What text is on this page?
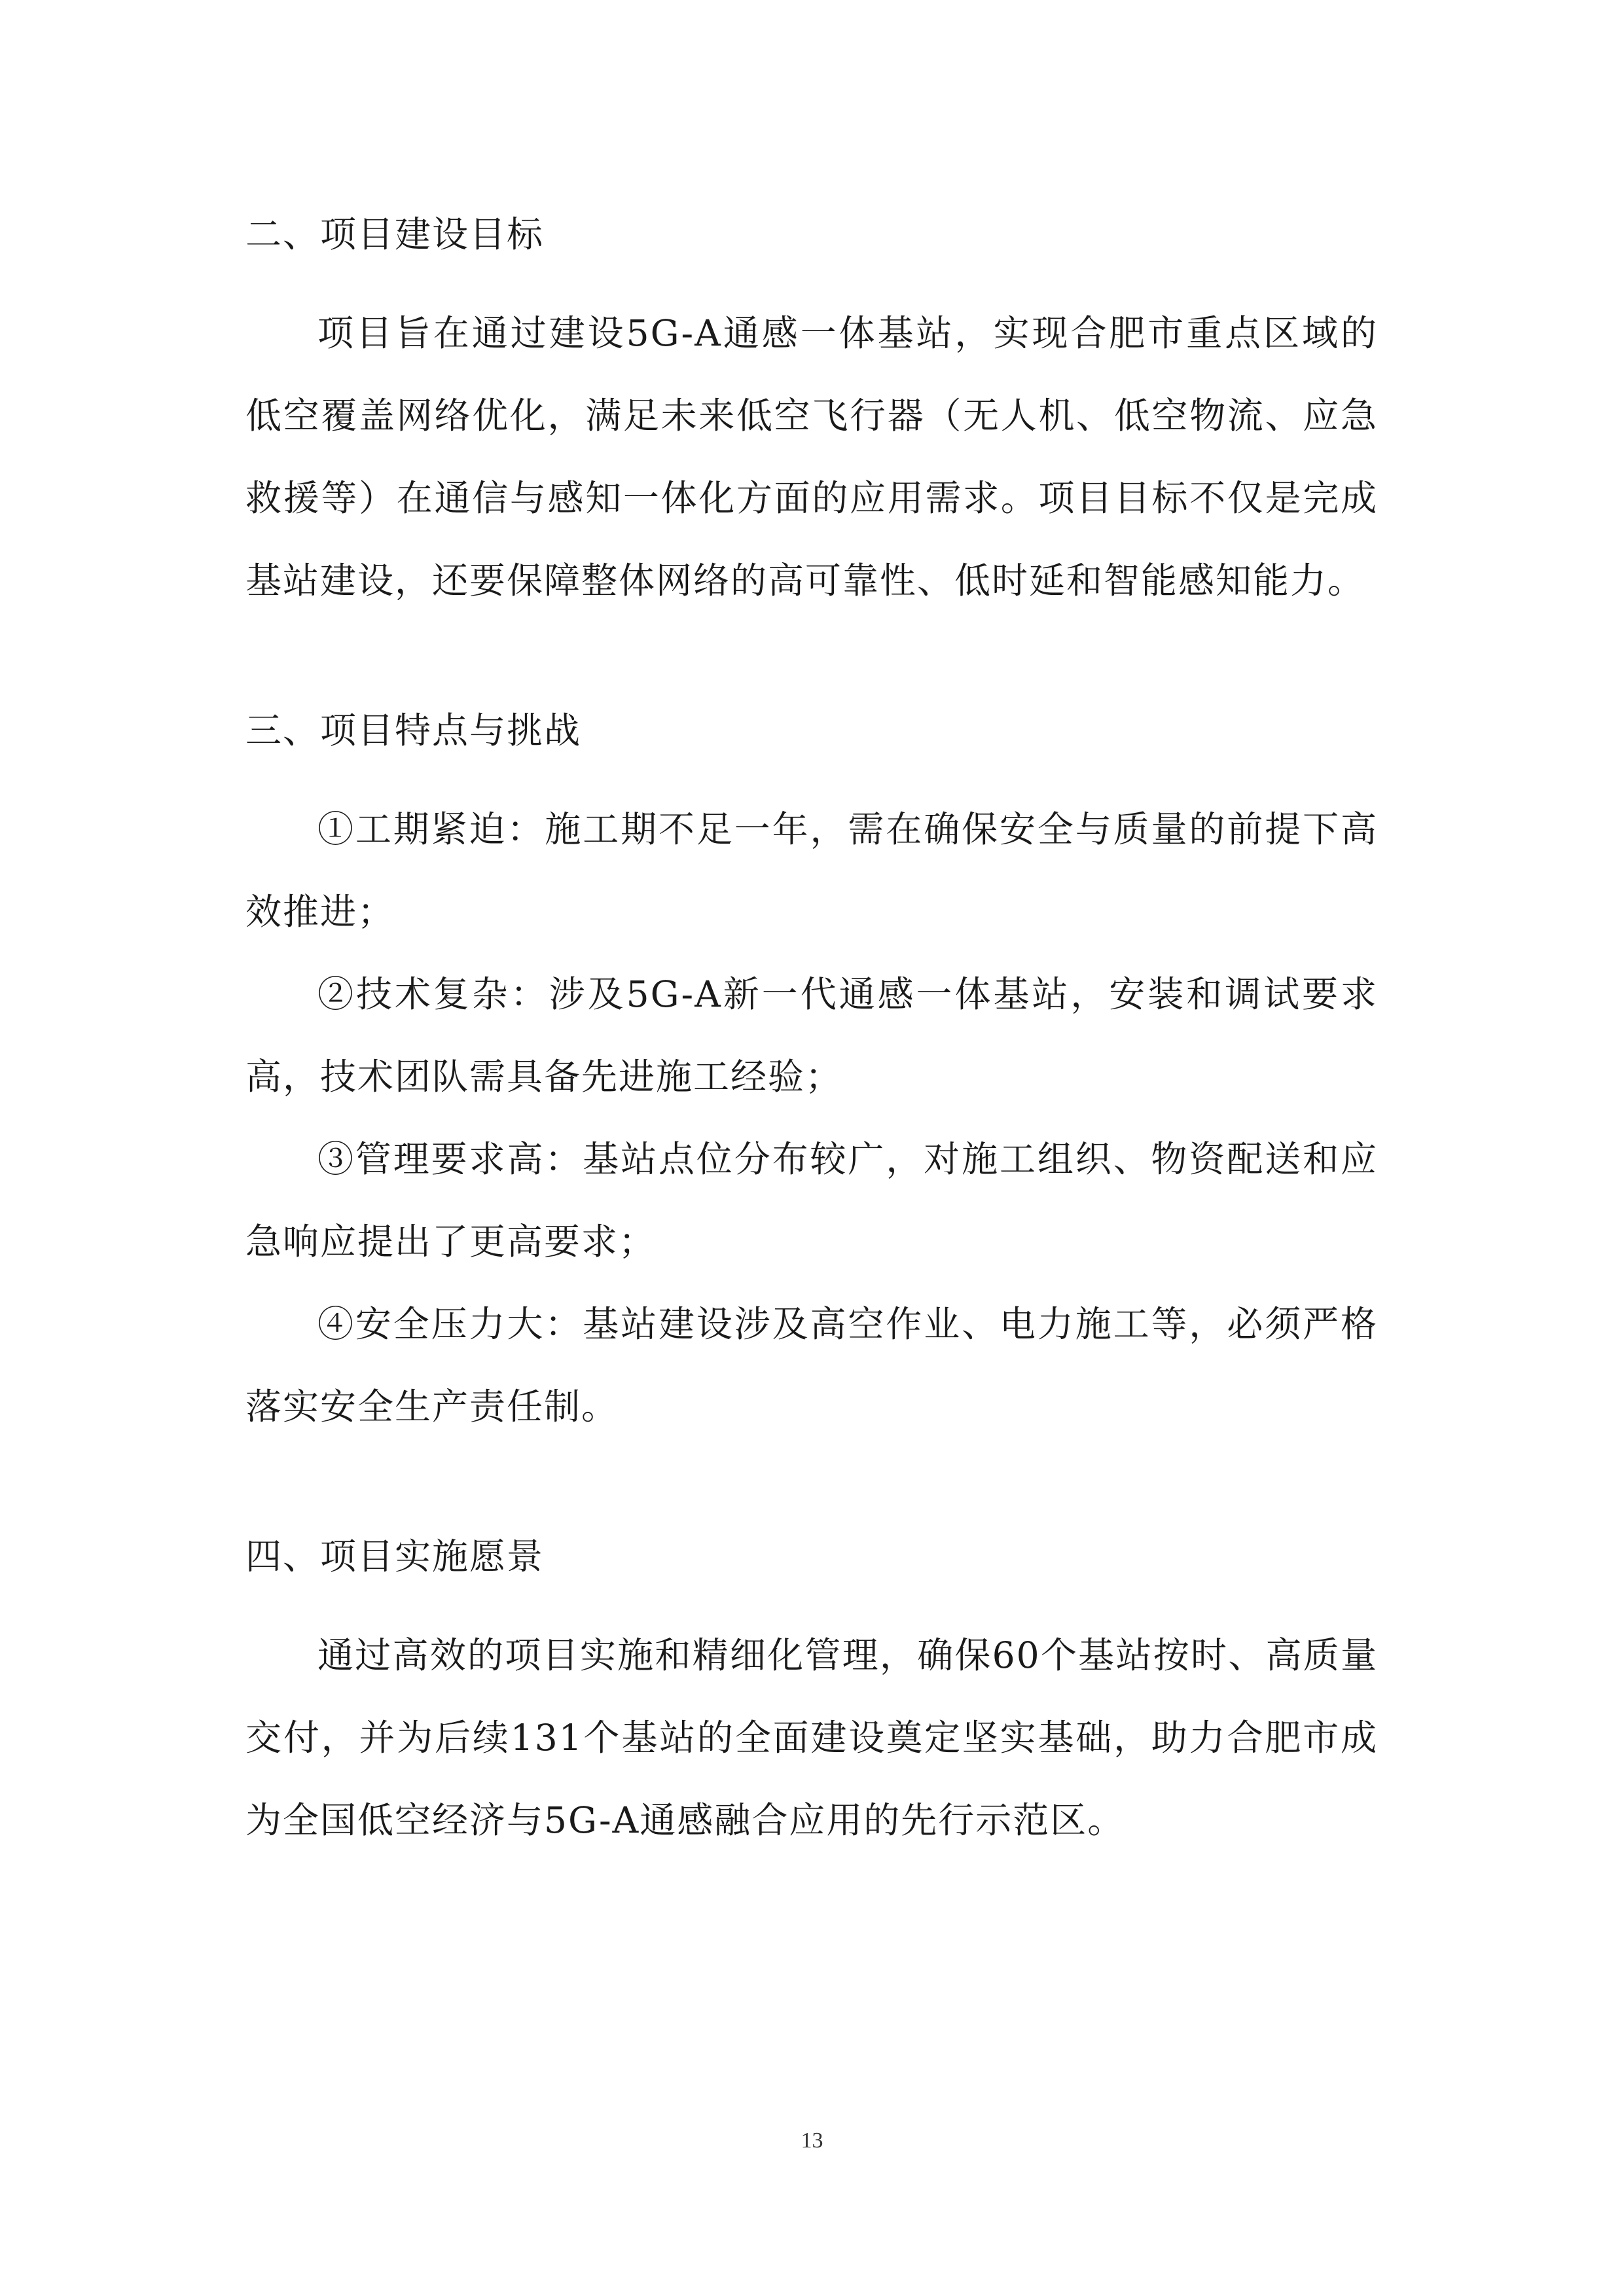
二、项目建设目标

项目旨在通过建设5G-A通感一体基站，实现合肥市重点区域的低空覆盖网络优化，满足未来低空飞行器（无人机、低空物流、应急救援等）在通信与感知一体化方面的应用需求。项目目标不仅是完成基站建设，还要保障整体网络的高可靠性、低时延和智能感知能力。

三、项目特点与挑战

①工期紧迫：施工期不足一年，需在确保安全与质量的前提下高效推进；

②技术复杂：涉及5G-A新一代通感一体基站，安装和调试要求高，技术团队需具备先进施工经验；

③管理要求高：基站点位分布较广，对施工组织、物资配送和应急响应提出了更高要求；

④安全压力大：基站建设涉及高空作业、电力施工等，必须严格落实安全生产责任制。

四、项目实施愿景

通过高效的项目实施和精细化管理，确保60个基站按时、高质量交付，并为后续131个基站的全面建设奠定坚实基础，助力合肥市成为全国低空经济与5G-A通感融合应用的先行示范区。

13
